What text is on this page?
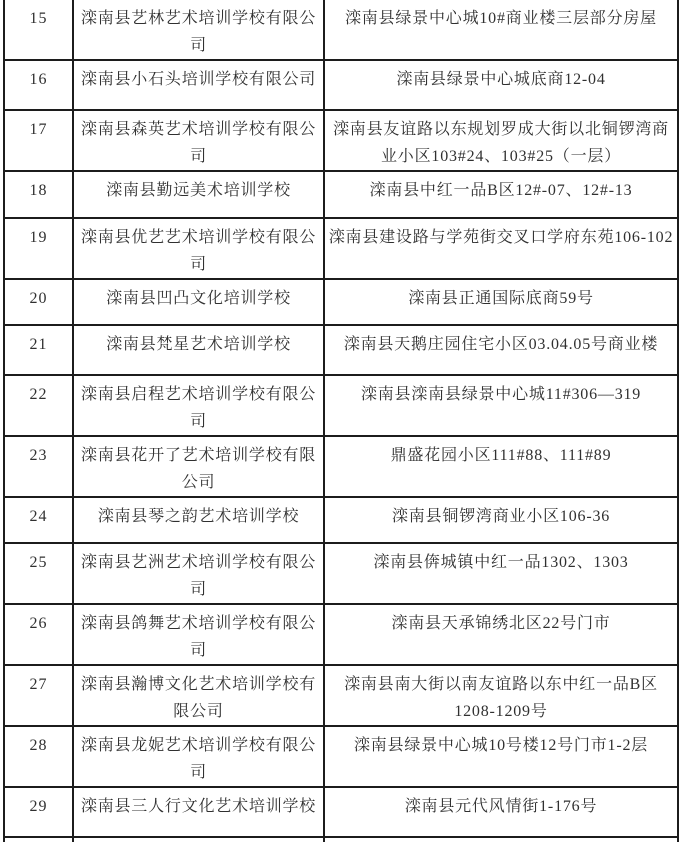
15	滦南县艺林艺术培训学校有限公司	滦南县绿景中心城10#商业楼三层部分房屋
16	滦南县小石头培训学校有限公司	滦南县绿景中心城底商12-04
17	滦南县森英艺术培训学校有限公司	滦南县友谊路以东规划罗成大街以北铜锣湾商业小区103#24、103#25（一层）
18	滦南县勤远美术培训学校	滦南县中红一品B区12#-07、12#-13
19	滦南县优艺艺术培训学校有限公司	滦南县建设路与学苑街交叉口学府东苑106-102
20	滦南县凹凸文化培训学校	滦南县正通国际底商59号
21	滦南县梵星艺术培训学校	滦南县天鹅庄园住宅小区03.04.05号商业楼
22	滦南县启程艺术培训学校有限公司	滦南县滦南县绿景中心城11#306—319
23	滦南县花开了艺术培训学校有限公司	鼎盛花园小区111#88、111#89
24	滦南县琴之韵艺术培训学校	滦南县铜锣湾商业小区106-36
25	滦南县艺洲艺术培训学校有限公司	滦南县倴城镇中红一品1302、1303
26	滦南县鸽舞艺术培训学校有限公司	滦南县天承锦绣北区22号门市
27	滦南县瀚博文化艺术培训学校有限公司	滦南县南大街以南友谊路以东中红一品B区1208-1209号
28	滦南县龙妮艺术培训学校有限公司	滦南县绿景中心城10号楼12号门市1-2层
29	滦南县三人行文化艺术培训学校	滦南县元代风情街1-176号
